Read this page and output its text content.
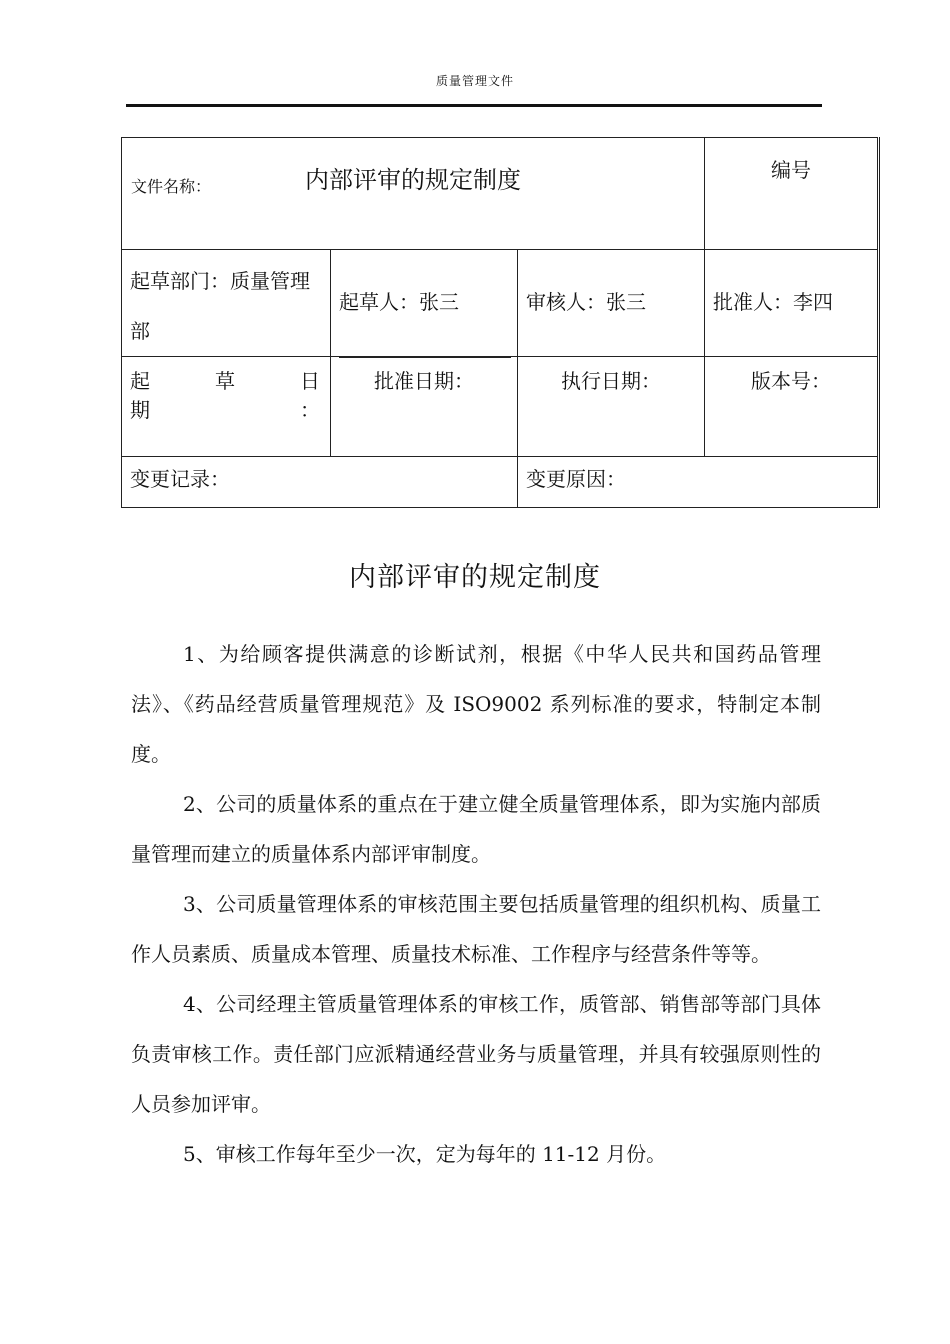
质量管理文件
文件名称： 内部评审的规定制度			编号

起草部门：质量管理部	起草人：张三	审核人：张三	批准人：李四
起　草　日　期　：	批准日期：	执行日期：	版本号：
变更记录：		变更原因：	
内部评审的规定制度

1、为给顾客提供满意的诊断试剂，根据《中华人民共和国药品管理法》、《药品经营质量管理规范》及 ISO9002 系列标准的要求，特制定本制度。

2、公司的质量体系的重点在于建立健全质量管理体系，即为实施内部质量管理而建立的质量体系内部评审制度。

3、公司质量管理体系的审核范围主要包括质量管理的组织机构、质量工作人员素质、质量成本管理、质量技术标准、工作程序与经营条件等等。

4、公司经理主管质量管理体系的审核工作，质管部、销售部等部门具体负责审核工作。责任部门应派精通经营业务与质量管理，并具有较强原则性的人员参加评审。

5、审核工作每年至少一次，定为每年的 11-12 月份。
